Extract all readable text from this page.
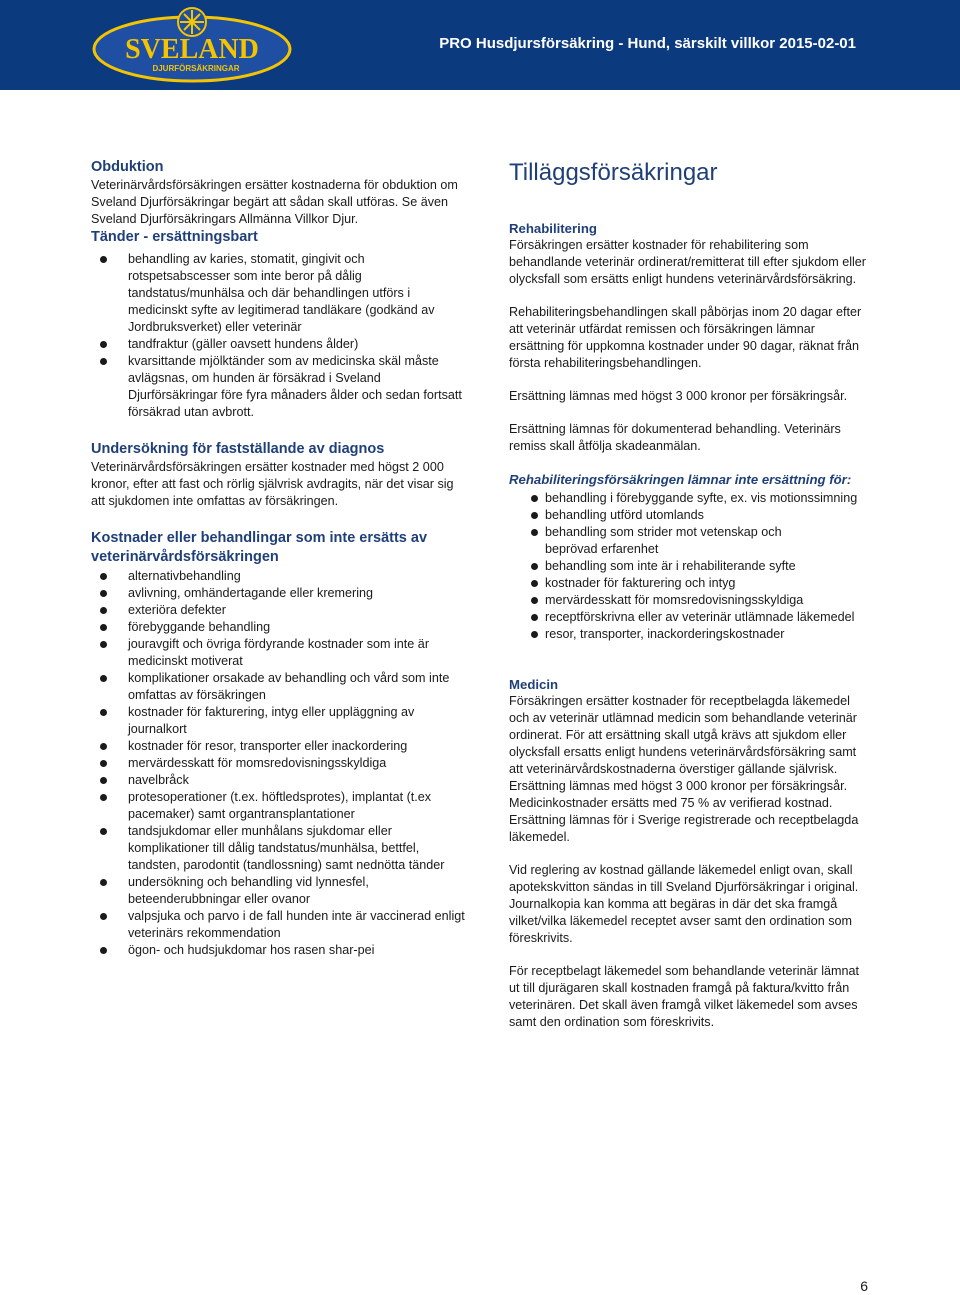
SVELAND
DJURFÖRSÄKRINGAR
PRO Husdjursförsäkring - Hund, särskilt villkor 2015-02-01
Obduktion

Veterinärvårdsförsäkringen ersätter kostnaderna för obduktion om Sveland Djurförsäkringar begärt att sådan skall utföras. Se även Sveland Djurförsäkringars Allmänna Villkor Djur.

Tänder - ersättningsbart
behandling av karies, stomatit, gingivit och rotspetsabscesser som inte beror på dålig tandstatus/munhälsa och där behandlingen utförs i medicinskt syfte av legitimerad tandläkare (godkänd av Jordbruksverket) eller veterinär
tandfraktur (gäller oavsett hundens ålder)
kvarsittande mjölktänder som av medicinska skäl måste avlägsnas, om hunden är försäkrad i Sveland Djurförsäkringar före fyra månaders ålder och sedan fortsatt försäkrad utan avbrott.
Undersökning för fastställande av diagnos

Veterinärvårdsförsäkringen ersätter kostnader med högst 2 000 kronor, efter att fast och rörlig självrisk avdragits, när det visar sig att sjukdomen inte omfattas av försäkringen.

Kostnader eller behandlingar som inte ersätts av veterinärvårdsförsäkringen
alternativbehandling
avlivning, omhändertagande eller kremering
exteriöra defekter
förebyggande behandling
jouravgift och övriga fördyrande kostnader som inte är medicinskt motiverat
komplikationer orsakade av behandling och vård som inte omfattas av försäkringen
kostnader för fakturering, intyg eller uppläggning av journalkort
kostnader för resor, transporter eller inackordering
mervärdesskatt för momsredovisningsskyldiga
navelbråck
protesoperationer (t.ex. höftledsprotes), implantat (t.ex pacemaker) samt organtransplantationer
tandsjukdomar eller munhålans sjukdomar eller komplikationer till dålig tandstatus/munhälsa, bettfel, tandsten, parodontit (tandlossning) samt nednötta tänder
undersökning och behandling vid lynnesfel, beteenderubbningar eller ovanor
valpsjuka och parvo i de fall hunden inte är vaccinerad enligt veterinärs rekommendation
ögon- och hudsjukdomar hos rasen shar-pei
Tilläggsförsäkringar
Rehabilitering

Försäkringen ersätter kostnader för rehabilitering som behandlande veterinär ordinerat/remitterat till efter sjukdom eller olycksfall som ersätts enligt hundens veterinärvårdsförsäkring.

Rehabiliteringsbehandlingen skall påbörjas inom 20 dagar efter att veterinär utfärdat remissen och försäkringen lämnar ersättning för uppkomna kostnader under 90 dagar, räknat från första rehabiliteringsbehandlingen.

Ersättning lämnas med högst 3 000 kronor per försäkringsår.

Ersättning lämnas för dokumenterad behandling. Veterinärs remiss skall åtfölja skadeanmälan.

Rehabiliteringsförsäkringen lämnar inte ersättning för:
behandling i förebyggande syfte, ex. vis motionssimning
behandling utförd utomlands
behandling som strider mot vetenskap och beprövad erfarenhet
behandling som inte är i rehabiliterande syfte
kostnader för fakturering och intyg
mervärdesskatt för momsredovisningsskyldiga
receptförskrivna eller av veterinär utlämnade läkemedel
resor, transporter, inackorderingskostnader
Medicin

Försäkringen ersätter kostnader för receptbelagda läkemedel och av veterinär utlämnad medicin som behandlande veterinär ordinerat. För att ersättning skall utgå krävs att sjukdom eller olycksfall ersatts enligt hundens veterinärvårdsförsäkring samt att veterinärvårdskostnaderna överstiger gällande självrisk. Ersättning lämnas med högst 3 000 kronor per försäkringsår. Medicinkostnader ersätts med 75 % av verifierad kostnad. Ersättning lämnas för i Sverige registrerade och receptbelagda läkemedel.

Vid reglering av kostnad gällande läkemedel enligt ovan, skall apotekskvitton sändas in till Sveland Djurförsäkringar i original. Journalkopia kan komma att begäras in där det ska framgå vilket/vilka läkemedel receptet avser samt den ordination som föreskrivits.

För receptbelagt läkemedel som behandlande veterinär lämnat ut till djurägaren skall kostnaden framgå på faktura/kvitto från veterinären. Det skall även framgå vilket läkemedel som avses samt den ordination som föreskrivits.

6
